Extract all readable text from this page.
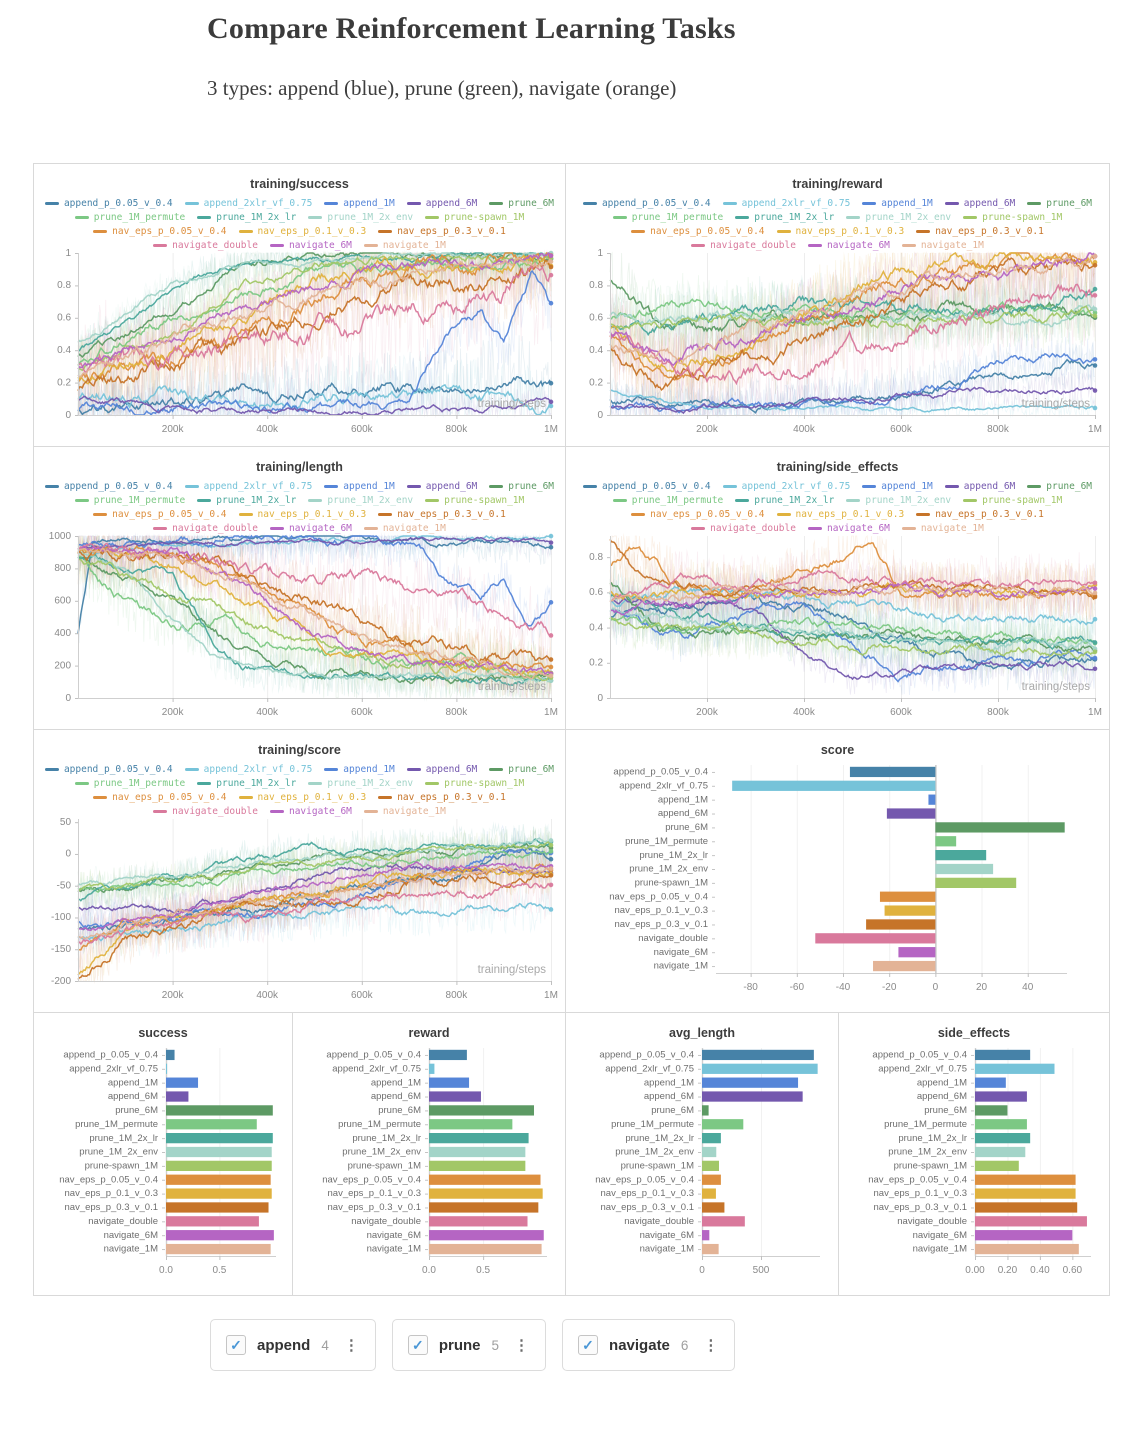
Compare Reinforcement Learning Tasks
3 types: append (blue), prune (green), navigate (orange)
training/success
append_p_0.05_v_0.4	append_2xlr_vf_0.75	append_1M	append_6M	prune_6M
prune_1M_permute	prune_1M_2x_lr	prune_1M_2x_env	prune-spawn_1M
nav_eps_p_0.05_v_0.4	nav_eps_p_0.1_v_0.3	nav_eps_p_0.3_v_0.1
training/reward
append_p_0.05_v_0.4	append_2xlr_vf_0.75	append_1M	append_6M	prune_6M
prune_1M_permute	prune_1M_2x_lr	prune_1M_2x_env	prune-spawn_1M
nav_eps_p_0.05_v_0.4	nav_eps_p_0.1_v_0.3	nav_eps_p_0.3_v_0.1
training/length
append_p_0.05_v_0.4	append_2xlr_vf_0.75	append_1M	append_6M	prune_6M
prune_1M_permute	prune_1M_2x_lr	prune_1M_2x_env	prune-spawn_1M
nav_eps_p_0.05_v_0.4	nav_eps_p_0.1_v_0.3	nav_eps_p_0.3_v_0.1
training/side_effects
append_p_0.05_v_0.4	append_2xlr_vf_0.75	append_1M	append_6M	prune_6M
prune_1M_permute	prune_1M_2x_lr	prune_1M_2x_env	prune-spawn_1M
nav_eps_p_0.05_v_0.4	nav_eps_p_0.1_v_0.3	nav_eps_p_0.3_v_0.1
training/score
append_p_0.05_v_0.4	append_2xlr_vf_0.75	append_1M	append_6M	prune_6M
prune_1M_permute	prune_1M_2x_lr	prune_1M_2x_env	prune-spawn_1M
nav_eps_p_0.05_v_0.4	nav_eps_p_0.1_v_0.3	nav_eps_p_0.3_v_0.1
score
success	reward	avg_length	side_effects
✓ append 4 ⋮	✓ prune 5 ⋮	✓ navigate 6 ⋮
